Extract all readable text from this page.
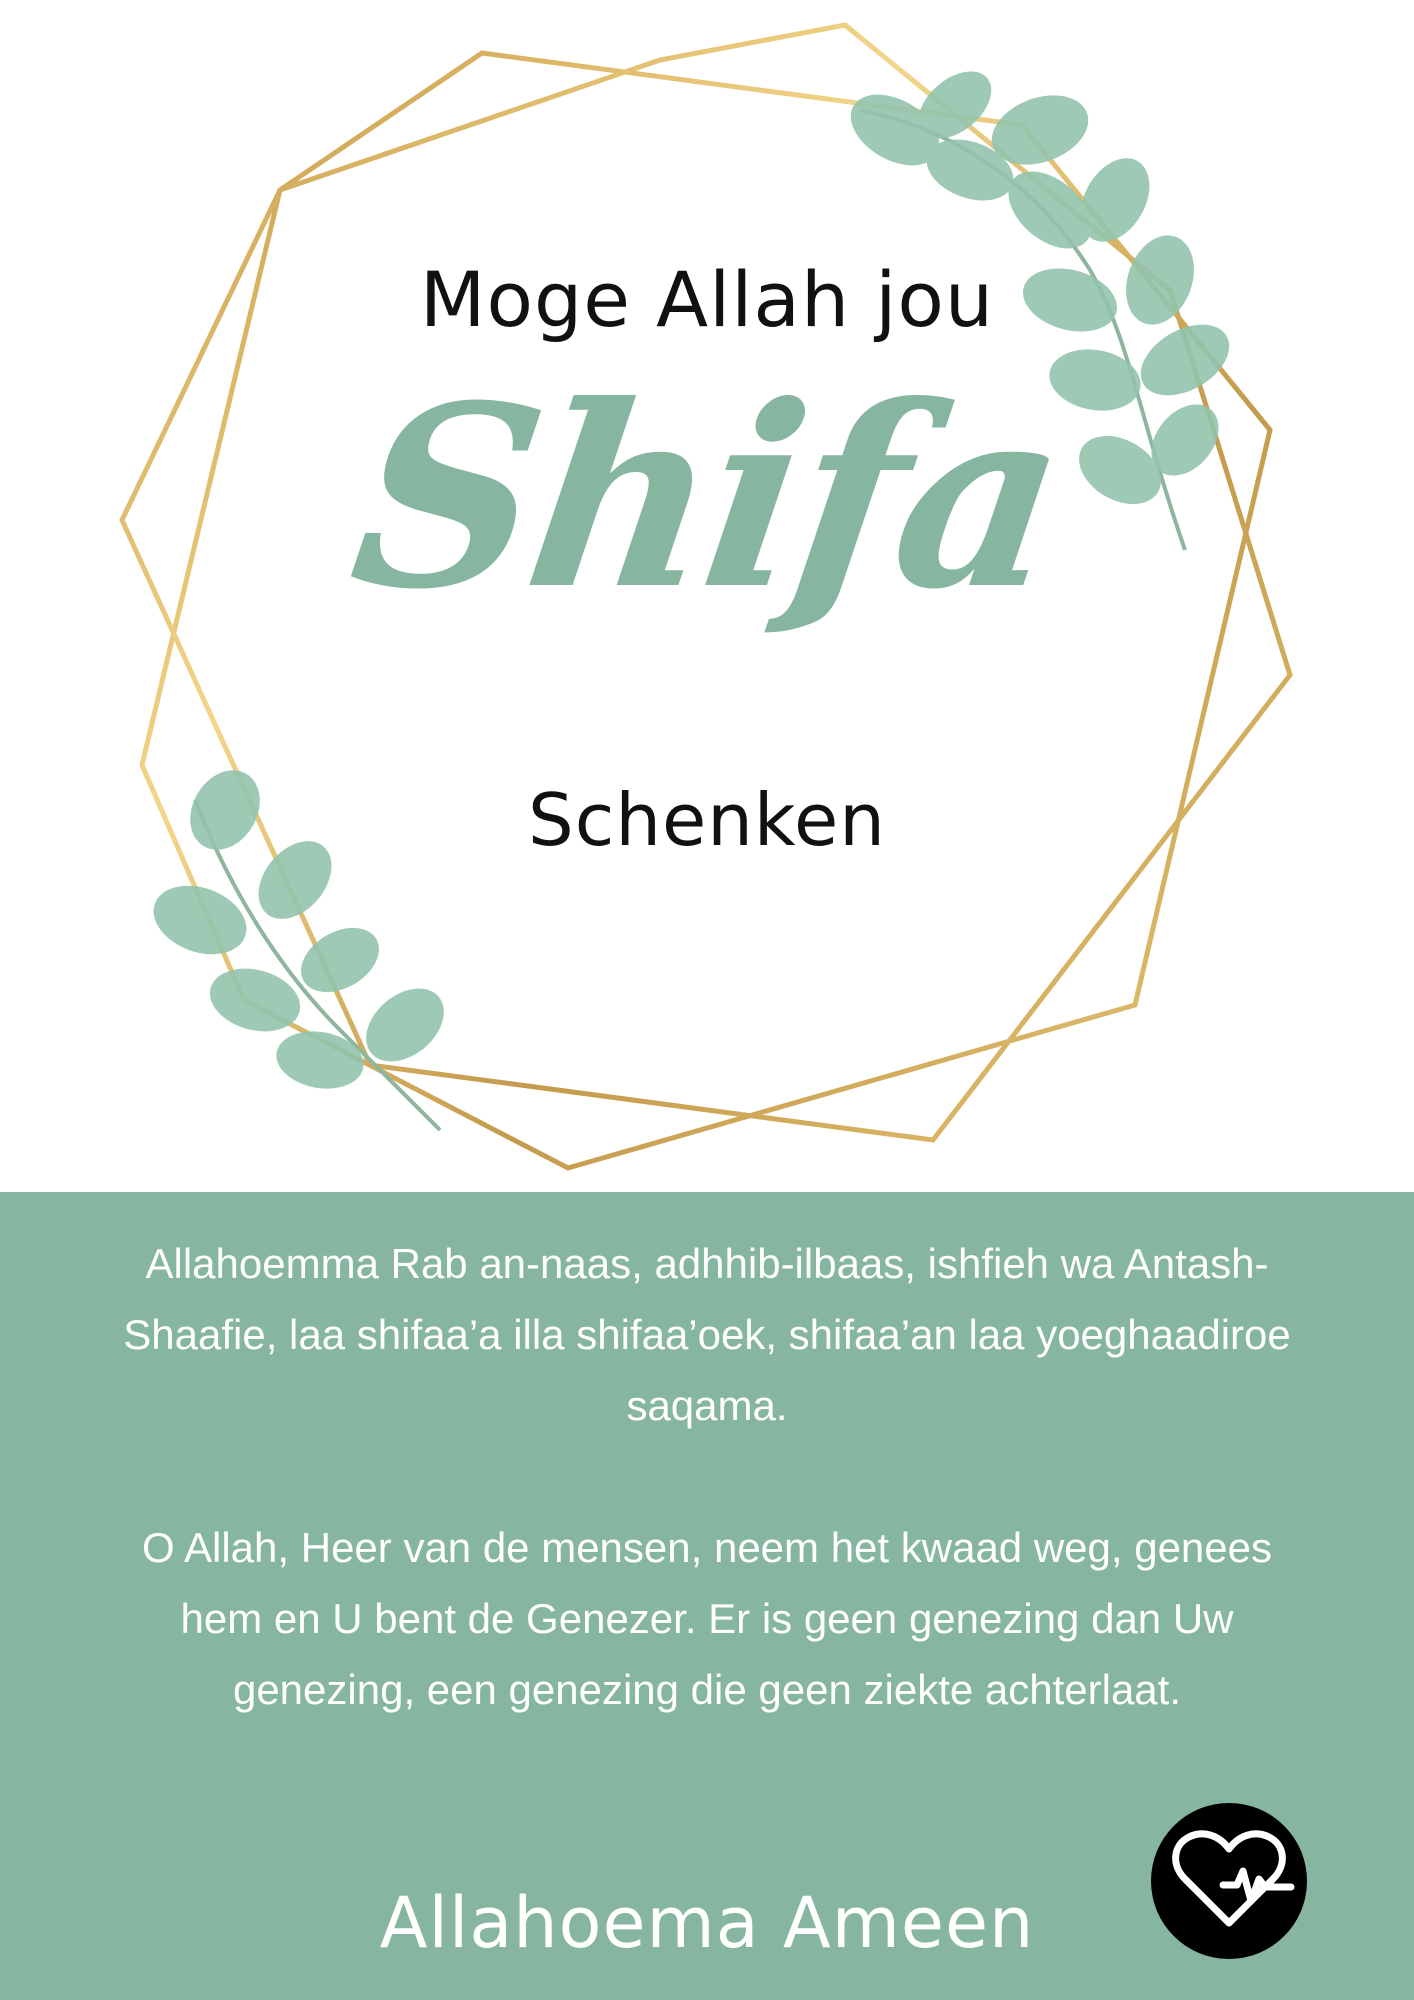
Moge Allah jou
Shifa
Schenken
Allahoemma Rab an-naas, adhhib-ilbaas, ishfieh wa Antash-Shaafie, laa shifaa’a illa shifaa’oek, shifaa’an laa yoeghaadiroe saqama.
O Allah, Heer van de mensen, neem het kwaad weg, genees hem en U bent de Genezer. Er is geen genezing dan Uw genezing, een genezing die geen ziekte achterlaat.
Allahoema Ameen
